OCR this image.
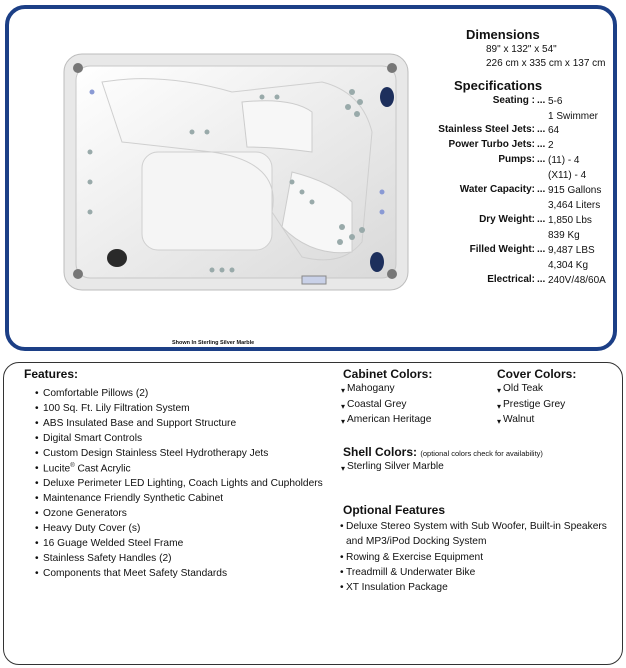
Shown In Sterling Silver Marble
Dimensions
89" x 132" x 54"
226 cm x 335 cm x 137 cm
Specifications
Seating : ... 5-6
1 Swimmer
Stainless Steel Jets: ... 64
Power Turbo Jets: ... 2
Pumps: ... (11) - 4
(X11) - 4
Water Capacity: ... 915 Gallons
3,464 Liters
Dry Weight: ... 1,850 Lbs
839 Kg
Filled Weight: ... 9,487 LBS
4,304 Kg
Electrical: ... 240V/48/60A
Features:
• Comfortable Pillows (2)
• 100 Sq. Ft. Lily Filtration System
• ABS Insulated Base and Support Structure
• Digital Smart Controls
• Custom Design Stainless Steel Hydrotherapy Jets
• Lucite® Cast Acrylic
• Deluxe Perimeter LED Lighting, Coach Lights and Cupholders
• Maintenance Friendly Synthetic Cabinet
• Ozone Generators
• Heavy Duty Cover (s)
• 16 Guage Welded Steel Frame
• Stainless Safety Handles (2)
• Components that Meet Safety Standards
Cabinet Colors:
▾ Mahogany
▾ Coastal Grey
▾ American Heritage
Cover Colors:
▾ Old Teak
▾ Prestige Grey
▾ Walnut
Shell Colors: (optional colors check for availability)
▾ Sterling Silver Marble
Optional Features
• Deluxe Stereo System with Sub Woofer, Built-in Speakers
and MP3/iPod Docking System
• Rowing & Exercise Equipment
• Treadmill & Underwater Bike
• XT Insulation Package
